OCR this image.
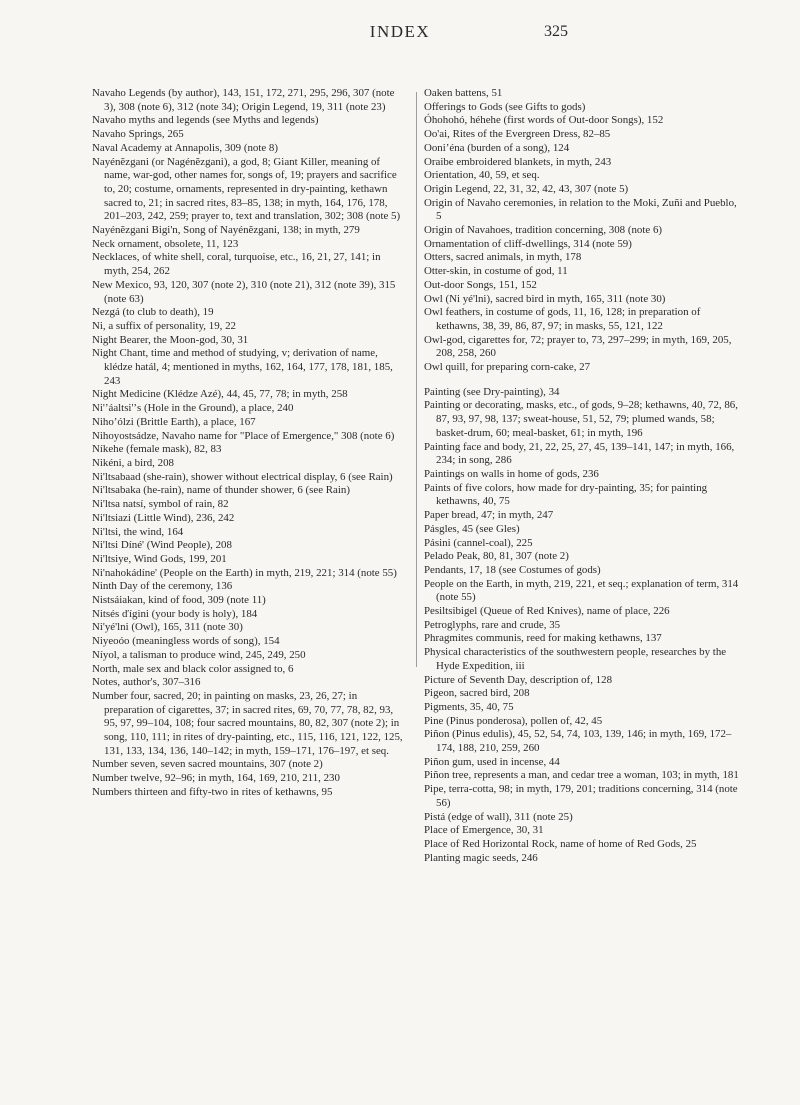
INDEX	325

Navaho Legends (by author), 143, 151, 172, 271, 295, 296, 307 (note 3), 308 (note 6), 312 (note 34); Origin Legend, 19, 311 (note 23)

Navaho myths and legends (see Myths and legends)

Navaho Springs, 265

Naval Academy at Annapolis, 309 (note 8)

Nayénĕzgani (or Nagénĕzgani), a god, 8; Giant Killer, meaning of name, war-god, other names for, songs of, 19; prayers and sacrifice to, 20; costume, ornaments, represented in dry-painting, kethawn sacred to, 21; in sacred rites, 83–85, 138; in myth, 164, 176, 178, 201–203, 242, 259; prayer to, text and translation, 302; 308 (note 5)

Nayénĕzgani Bigi'n, Song of Nayénĕzgani, 138; in myth, 279

Neck ornament, obsolete, 11, 123

Necklaces, of white shell, coral, turquoise, etc., 16, 21, 27, 141; in myth, 254, 262

New Mexico, 93, 120, 307 (note 2), 310 (note 21), 312 (note 39), 315 (note 63)

Nezgá (to club to death), 19

Ni, a suffix of personality, 19, 22

Night Bearer, the Moon-god, 30, 31

Night Chant, time and method of studying, v; derivation of name, klédze hatál, 4; mentioned in myths, 162, 164, 177, 178, 181, 185, 243

Night Medicine (Klédze Azé), 44, 45, 77, 78; in myth, 258

Ni'ʼáaltsi'ʼs (Hole in the Ground), a place, 240

Nihoʼólzi (Brittle Earth), a place, 167

Nihoyostsádze, Navaho name for "Place of Emergence," 308 (note 6)

Níkehe (female mask), 82, 83

Nikéni, a bird, 208

Ni'ltsabaad (she-rain), shower without electrical display, 6 (see Rain)

Ni'ltsabaka (he-rain), name of thunder shower, 6 (see Rain)

Ni'ltsa natsí, symbol of rain, 82

Ni'ltsiazi (Little Wind), 236, 242

Ni'ltsi, the wind, 164

Ni'ltsi Díné' (Wind People), 208

Ni'ltsiye, Wind Gods, 199, 201

Ni'nahokádíne' (People on the Earth) in myth, 219, 221; 314 (note 55)

Ninth Day of the ceremony, 136

Nistsáiakan, kind of food, 309 (note 11)

Nitsés ďígini (your body is holy), 184

Ni'yé'lni (Owl), 165, 311 (note 30)

Niyeoóo (meaningless words of song), 154

Níyol, a talisman to produce wind, 245, 249, 250

North, male sex and black color assigned to, 6

Notes, author's, 307–316

Number four, sacred, 20; in painting on masks, 23, 26, 27; in preparation of cigarettes, 37; in sacred rites, 69, 70, 77, 78, 82, 93, 95, 97, 99–104, 108; four sacred mountains, 80, 82, 307 (note 2); in song, 110, 111; in rites of dry-painting, etc., 115, 116, 121, 122, 125, 131, 133, 134, 136, 140–142; in myth, 159–171, 176–197, et seq.

Number seven, seven sacred mountains, 307 (note 2)

Number twelve, 92–96; in myth, 164, 169, 210, 211, 230

Numbers thirteen and fifty-two in rites of kethawns, 95

Oaken battens, 51

Offerings to Gods (see Gifts to gods)

Óhohohó, héhehe (first words of Out-door Songs), 152

Oo'ai, Rites of the Evergreen Dress, 82–85

Ooniʼéna (burden of a song), 124

Oraibe embroidered blankets, in myth, 243

Orientation, 40, 59, et seq.

Origin Legend, 22, 31, 32, 42, 43, 307 (note 5)

Origin of Navaho ceremonies, in relation to the Moki, Zuñi and Pueblo, 5

Origin of Navahoes, tradition concerning, 308 (note 6)

Ornamentation of cliff-dwellings, 314 (note 59)

Otters, sacred animals, in myth, 178

Otter-skin, in costume of god, 11

Out-door Songs, 151, 152

Owl (Ni yé'lni), sacred bird in myth, 165, 311 (note 30)

Owl feathers, in costume of gods, 11, 16, 128; in preparation of kethawns, 38, 39, 86, 87, 97; in masks, 55, 121, 122

Owl-god, cigarettes for, 72; prayer to, 73, 297–299; in myth, 169, 205, 208, 258, 260

Owl quill, for preparing corn-cake, 27

Painting (see Dry-painting), 34

Painting or decorating, masks, etc., of gods, 9–28; kethawns, 40, 72, 86, 87, 93, 97, 98, 137; sweat-house, 51, 52, 79; plumed wands, 58; basket-drum, 60; meal-basket, 61; in myth, 196

Painting face and body, 21, 22, 25, 27, 45, 139–141, 147; in myth, 166, 234; in song, 286

Paintings on walls in home of gods, 236

Paints of five colors, how made for dry-painting, 35; for painting kethawns, 40, 75

Paper bread, 47; in myth, 247

Pásgles, 45 (see Gles)

Pásini (cannel-coal), 225

Pelado Peak, 80, 81, 307 (note 2)

Pendants, 17, 18 (see Costumes of gods)

People on the Earth, in myth, 219, 221, et seq.; explanation of term, 314 (note 55)

Pesiltsibigel (Queue of Red Knives), name of place, 226

Petroglyphs, rare and crude, 35

Phragmites communis, reed for making kethawns, 137

Physical characteristics of the southwestern people, researches by the Hyde Expedition, iii

Picture of Seventh Day, description of, 128

Pigeon, sacred bird, 208

Pigments, 35, 40, 75

Pine (Pinus ponderosa), pollen of, 42, 45

Piñon (Pinus edulis), 45, 52, 54, 74, 103, 139, 146; in myth, 169, 172–174, 188, 210, 259, 260

Piñon gum, used in incense, 44

Piñon tree, represents a man, and cedar tree a woman, 103; in myth, 181

Pipe, terra-cotta, 98; in myth, 179, 201; traditions concerning, 314 (note 56)

Pistá (edge of wall), 311 (note 25)

Place of Emergence, 30, 31

Place of Red Horizontal Rock, name of home of Red Gods, 25

Planting magic seeds, 246
